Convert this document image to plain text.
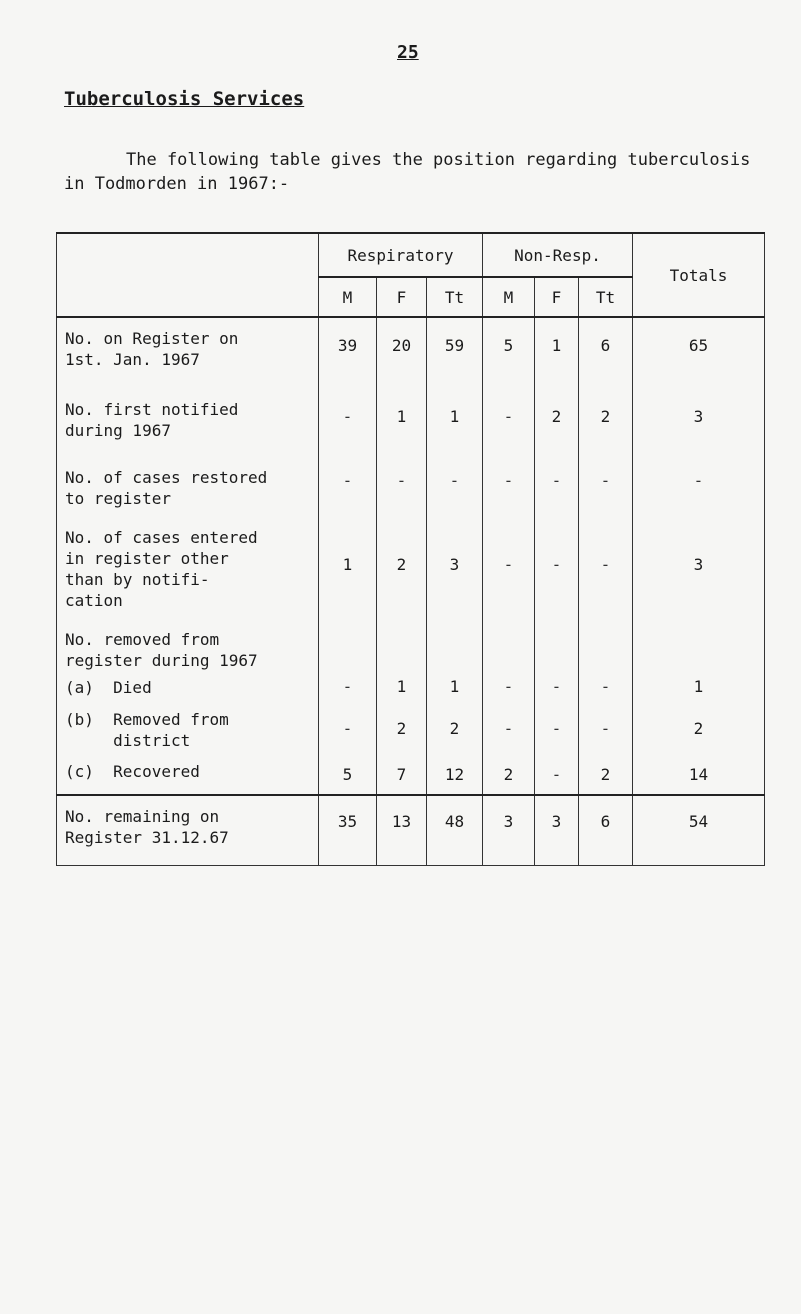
25
Tuberculosis Services

The following table gives the position regarding tuberculosis

in Todmorden in 1967:-

	Respiratory			Non-Resp.			Totals
	M	F	Tt	M	F	Tt	

No. on Register on
1st. Jan. 1967	39	20	59	5	1	6	65

No. first notified
during 1967	-	1	1	-	2	2	3

No. of cases restored
to register	-	-	-	-	-	-	-

No. of cases entered
in register other
than by notifi-
cation	1	2	3	-	-	-	3

No. removed from
register during 1967							

(a)  Died	-	1	1	-	-	-	1

(b)  Removed from
district	-	2	2	-	-	-	2

(c)  Recovered	5	7	12	2	-	2	14

No. remaining on
Register 31.12.67	35	13	48	3	3	6	54
